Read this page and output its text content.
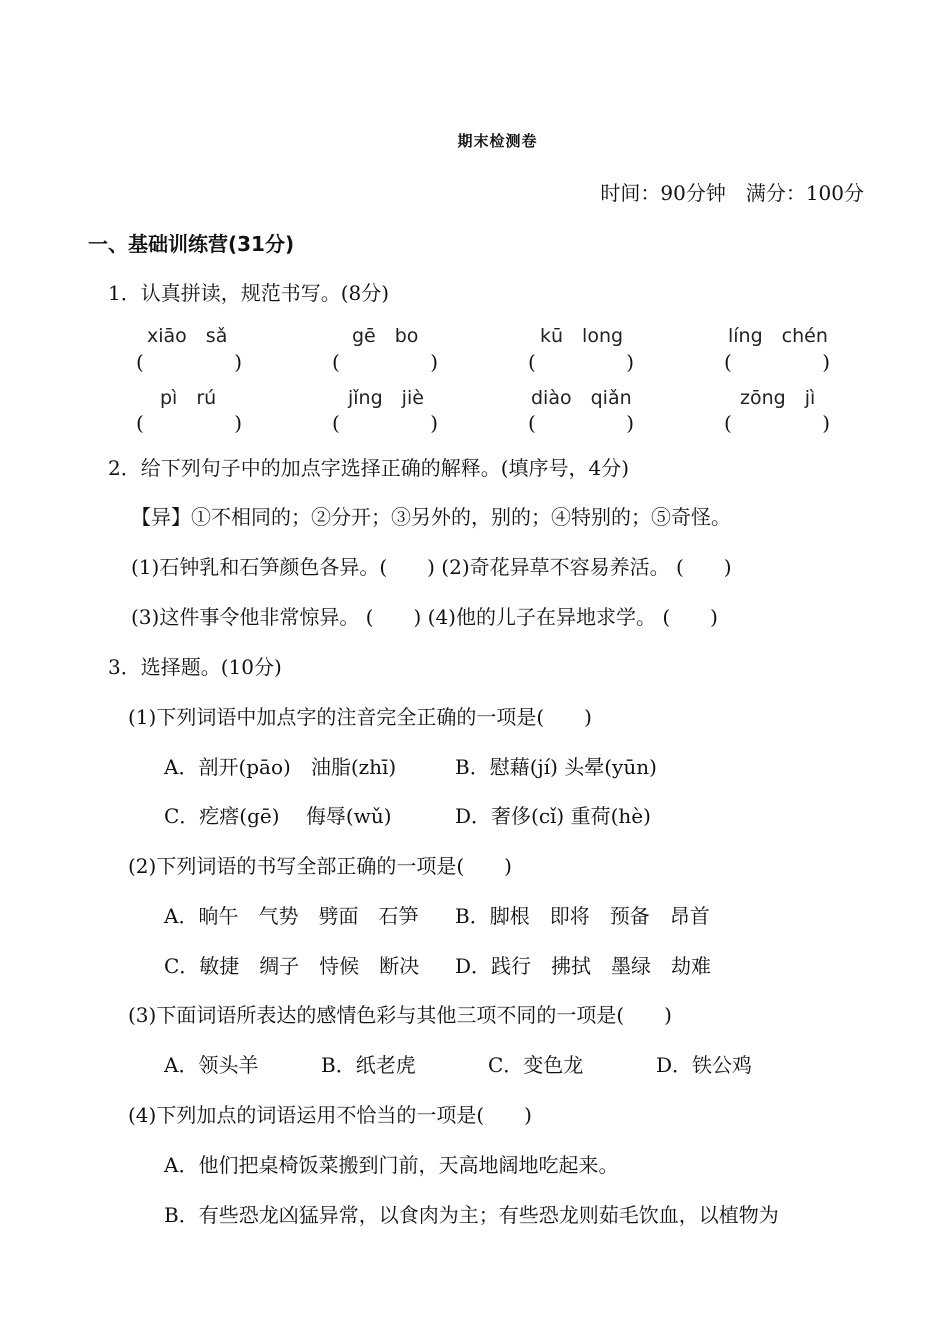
期末检测卷
时间：90分钟　满分：100分
一、基础训练营(31分)
1．认真拼读，规范书写。(8分)
xiāo　sǎ	gē　bo	kū　long	líng　chén
(	)	(	)	(	)	(	)
pì　rú	jǐng　jiè	diào　qiǎn	zōng　jì
(	)	(	)	(	)	(	)
2．给下列句子中的加点字选择正确的解释。(填序号，4分)
【异】①不相同的；②分开；③另外的，别的；④特别的；⑤奇怪。
(1)石钟乳和石笋颜色各异。(　　) (2)奇花异草不容易养活。 (　　)
(3)这件事令他非常惊异。 (　　) (4)他的儿子在异地求学。 (　　)
3．选择题。(10分)
(1)下列词语中加点字的注音完全正确的一项是(　　)
A．剖开(pāo)　油脂(zhī)	B．慰藉(jí) 头晕(yūn)
C．疙瘩(gē)　 侮辱(wǔ)	D．奢侈(cǐ) 重荷(hè)
(2)下列词语的书写全部正确的一项是(　　)
A．晌午　气势　劈面　石笋 B．脚根　即将　预备　昂首
C．敏捷　绸子　恃候　断决 D．践行　拂拭　墨绿　劫难
(3)下面词语所表达的感情色彩与其他三项不同的一项是(　　)
A．领头羊	B．纸老虎	C．变色龙	D．铁公鸡
(4)下列加点的词语运用不恰当的一项是(　　)
A．他们把桌椅饭菜搬到门前，天高地阔地吃起来。
B．有些恐龙凶猛异常，以食肉为主；有些恐龙则茹毛饮血，以植物为
